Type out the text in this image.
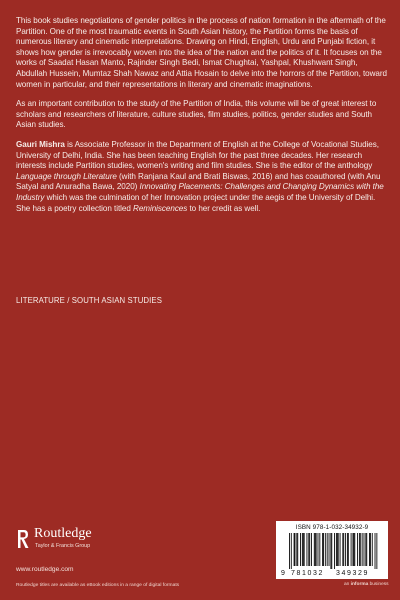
This book studies negotiations of gender politics in the process of nation formation in the aftermath of the Partition. One of the most traumatic events in South Asian history, the Partition forms the basis of numerous literary and cinematic interpretations. Drawing on Hindi, English, Urdu and Punjabi fiction, it shows how gender is irrevocably woven into the idea of the nation and the politics of it. It focuses on the works of Saadat Hasan Manto, Rajinder Singh Bedi, Ismat Chughtai, Yashpal, Khushwant Singh, Abdullah Hussein, Mumtaz Shah Nawaz and Attia Hosain to delve into the horrors of the Partition, toward women in particular, and their representations in literary and cinematic imaginations.

As an important contribution to the study of the Partition of India, this volume will be of great interest to scholars and researchers of literature, culture studies, film studies, politics, gender studies and South Asian studies.

Gauri Mishra is Associate Professor in the Department of English at the College of Vocational Studies, University of Delhi, India. She has been teaching English for the past three decades. Her research interests include Partition studies, women's writing and film studies. She is the editor of the anthology Language through Literature (with Ranjana Kaul and Brati Biswas, 2016) and has coauthored (with Anu Satyal and Anuradha Bawa, 2020) Innovating Placements: Challenges and Changing Dynamics with the Industry which was the culmination of her Innovation project under the aegis of the University of Delhi. She has a poetry collection titled Reminiscences to her credit as well.

LITERATURE / SOUTH ASIAN STUDIES
Routledge
Taylor & Francis Group
www.routledge.com
Routledge titles are available as eBook editions in a range of digital formats
ISBN 978-1-032-34932-9
9 781032 349329
an informa business
